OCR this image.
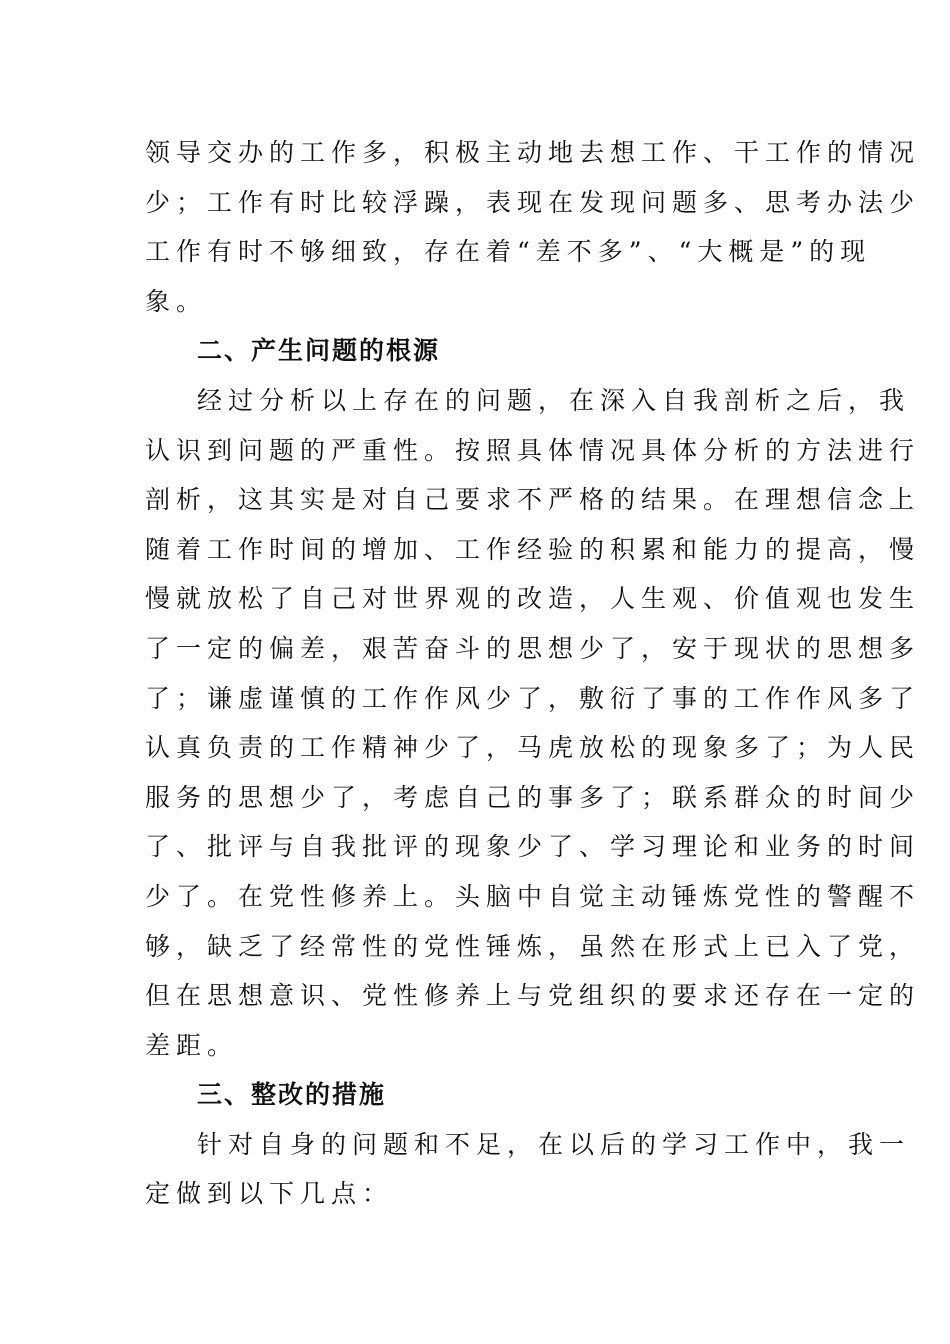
领导交办的工作多，积极主动地去想工作、干工作的情况
少；工作有时比较浮躁，表现在发现问题多、思考办法少
工作有时不够细致，存在着“差不多”、“大概是”的现
象。
二、产生问题的根源
经过分析以上存在的问题，在深入自我剖析之后，我
认识到问题的严重性。按照具体情况具体分析的方法进行
剖析，这其实是对自己要求不严格的结果。在理想信念上
随着工作时间的增加、工作经验的积累和能力的提高，慢
慢就放松了自己对世界观的改造，人生观、价值观也发生
了一定的偏差，艰苦奋斗的思想少了，安于现状的思想多
了；谦虚谨慎的工作作风少了，敷衍了事的工作作风多了
认真负责的工作精神少了，马虎放松的现象多了；为人民
服务的思想少了，考虑自己的事多了；联系群众的时间少
了、批评与自我批评的现象少了、学习理论和业务的时间
少了。在党性修养上。头脑中自觉主动锤炼党性的警醒不
够，缺乏了经常性的党性锤炼，虽然在形式上已入了党，
但在思想意识、党性修养上与党组织的要求还存在一定的
差距。
三、整改的措施
针对自身的问题和不足，在以后的学习工作中，我一
定做到以下几点：
